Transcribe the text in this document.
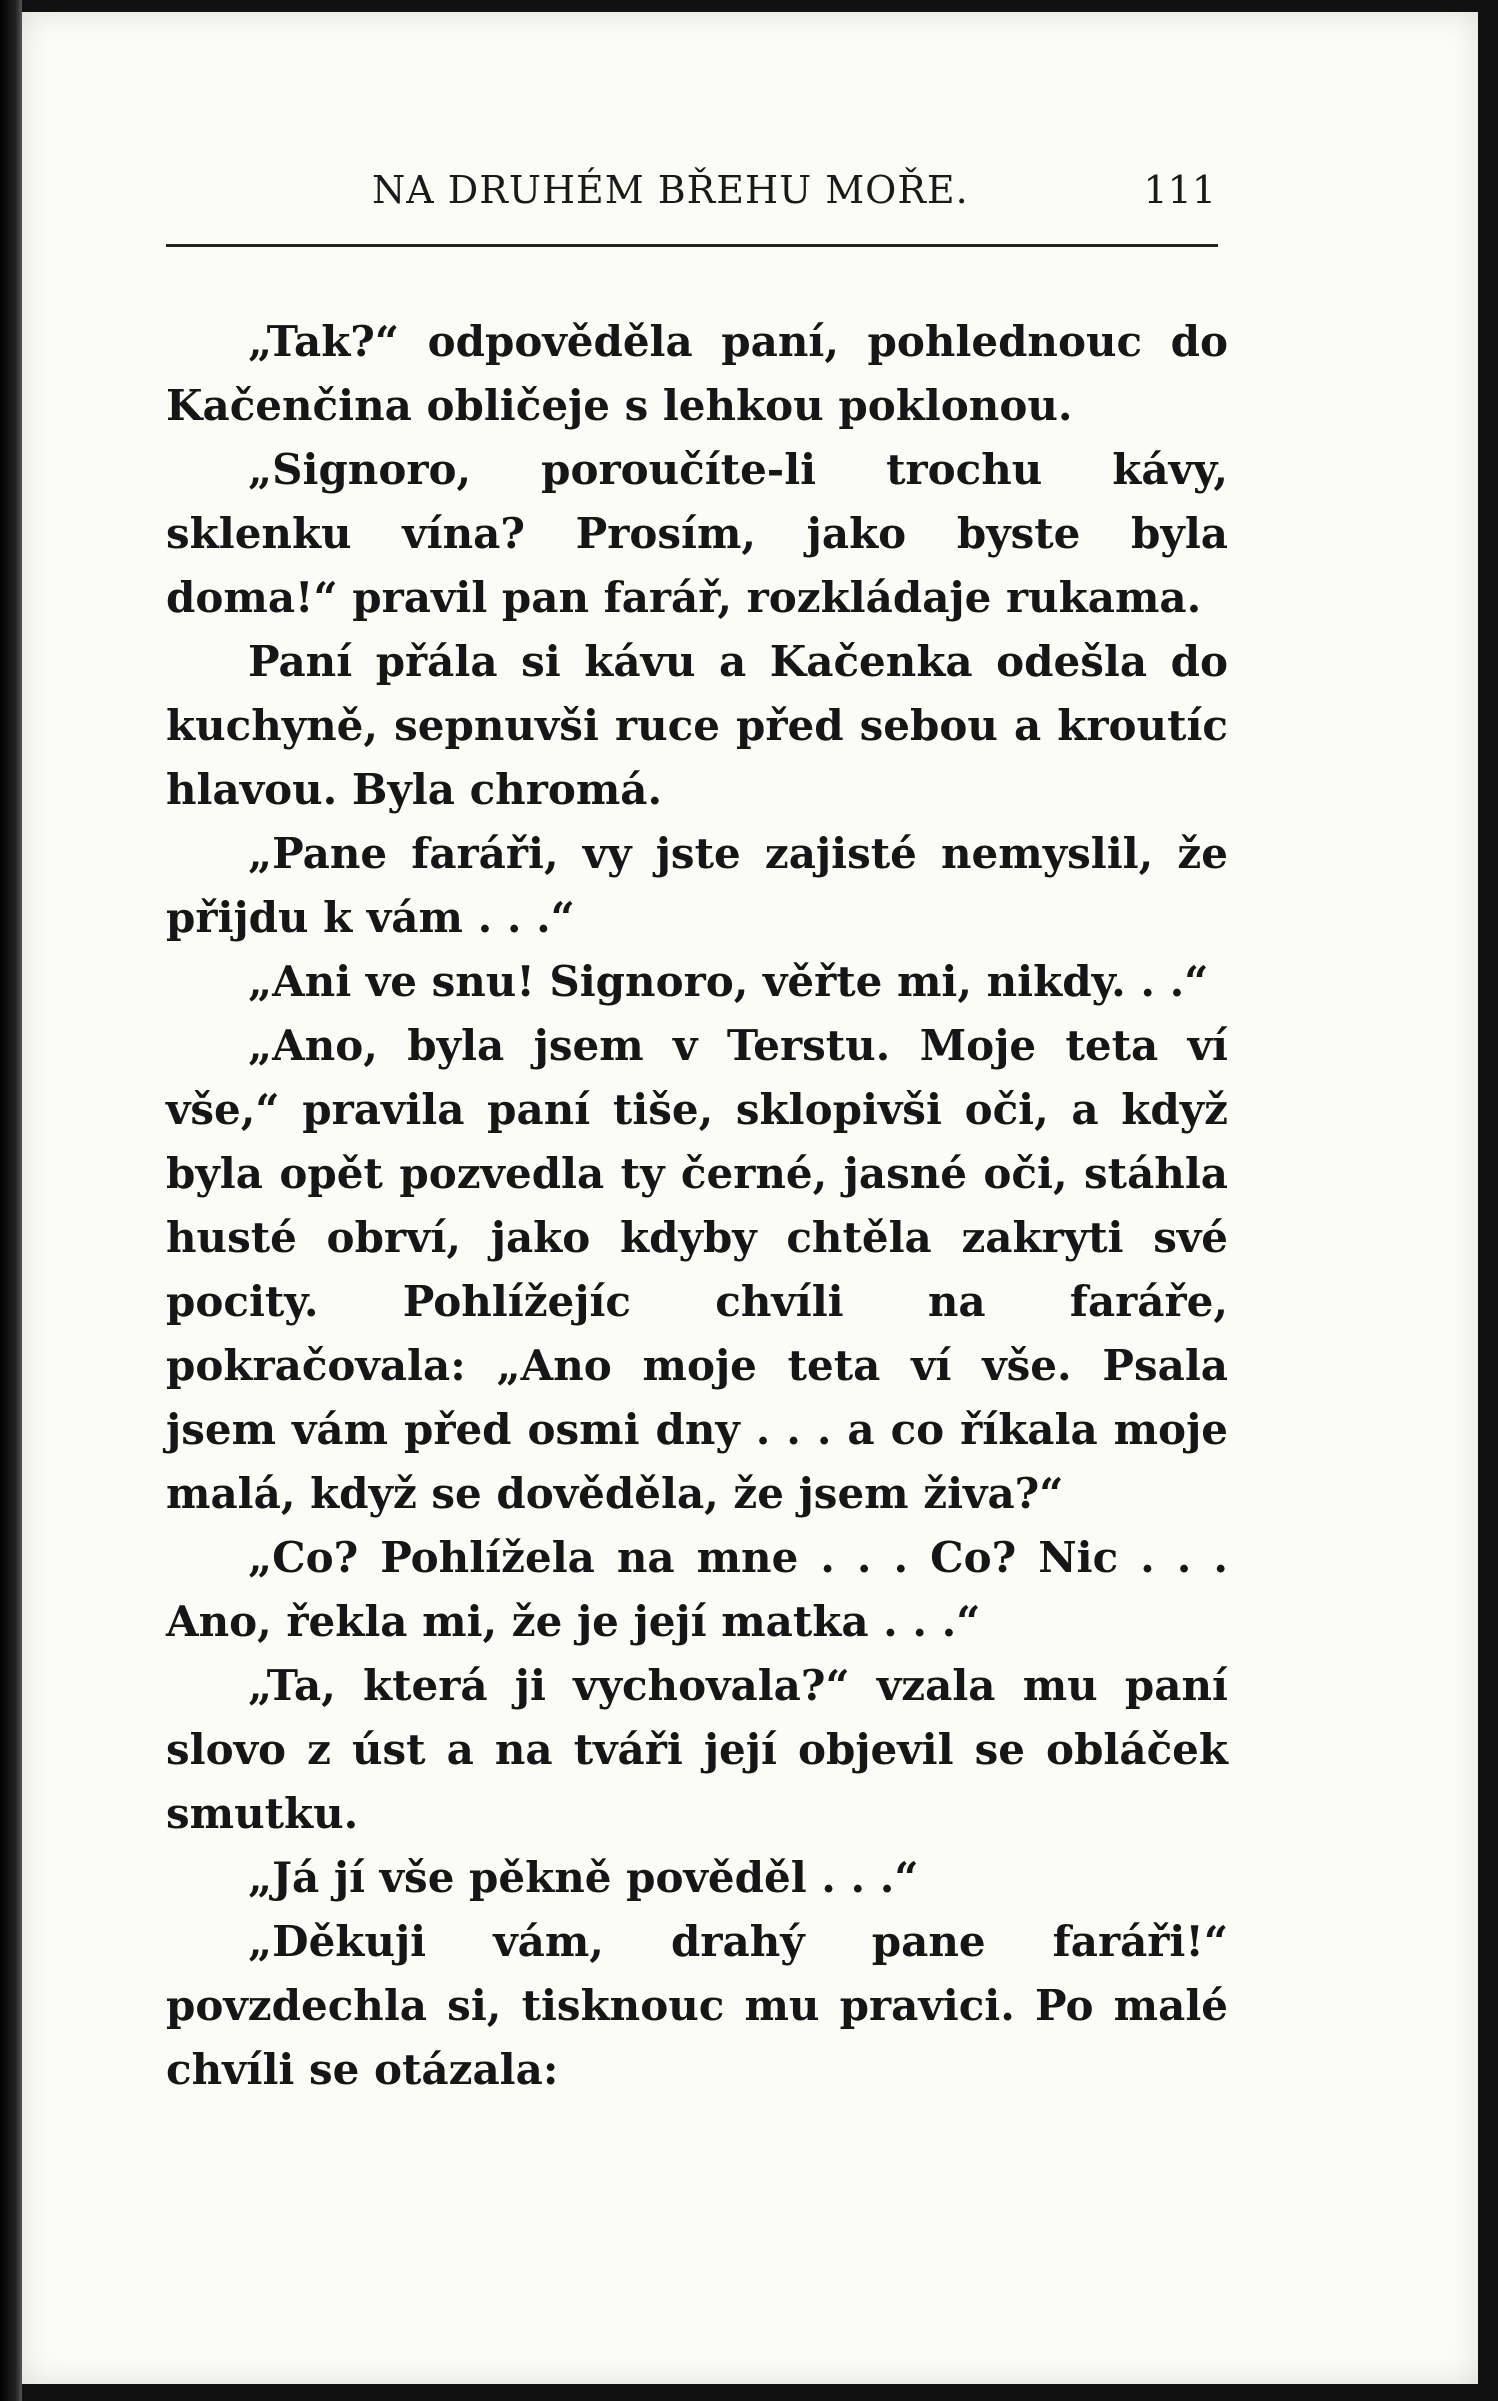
NA DRUHÉM BŘEHU MOŘE.	111

„Tak?“ odpověděla paní, pohlednouc do Kačenčina obličeje s lehkou poklonou.

„Signoro, poroučíte-li trochu kávy, sklenku vína? Prosím, jako byste byla doma!“ pravil pan farář, rozkládaje rukama.

Paní přála si kávu a Kačenka odešla do kuchyně, sepnuvši ruce před sebou a kroutíc hlavou. Byla chromá.

„Pane faráři, vy jste zajisté nemyslil, že přijdu k vám . . .“

„Ani ve snu! Signoro, věřte mi, nikdy. . .“

„Ano, byla jsem v Terstu. Moje teta ví vše,“ pravila paní tiše, sklopivši oči, a když byla opět pozvedla ty černé, jasné oči, stáhla husté obrví, jako kdyby chtěla zakryti své pocity. Pohlížejíc chvíli na faráře, pokračovala: „Ano moje teta ví vše. Psala jsem vám před osmi dny . . . a co říkala moje malá, když se dověděla, že jsem živa?“

„Co? Pohlížela na mne . . . Co? Nic . . . Ano, řekla mi, že je její matka . . .“

„Ta, která ji vychovala?“ vzala mu paní slovo z úst a na tváři její objevil se obláček smutku.

„Já jí vše pěkně pověděl . . .“

„Děkuji vám, drahý pane faráři!“ povzdechla si, tisknouc mu pravici. Po malé chvíli se otázala:
